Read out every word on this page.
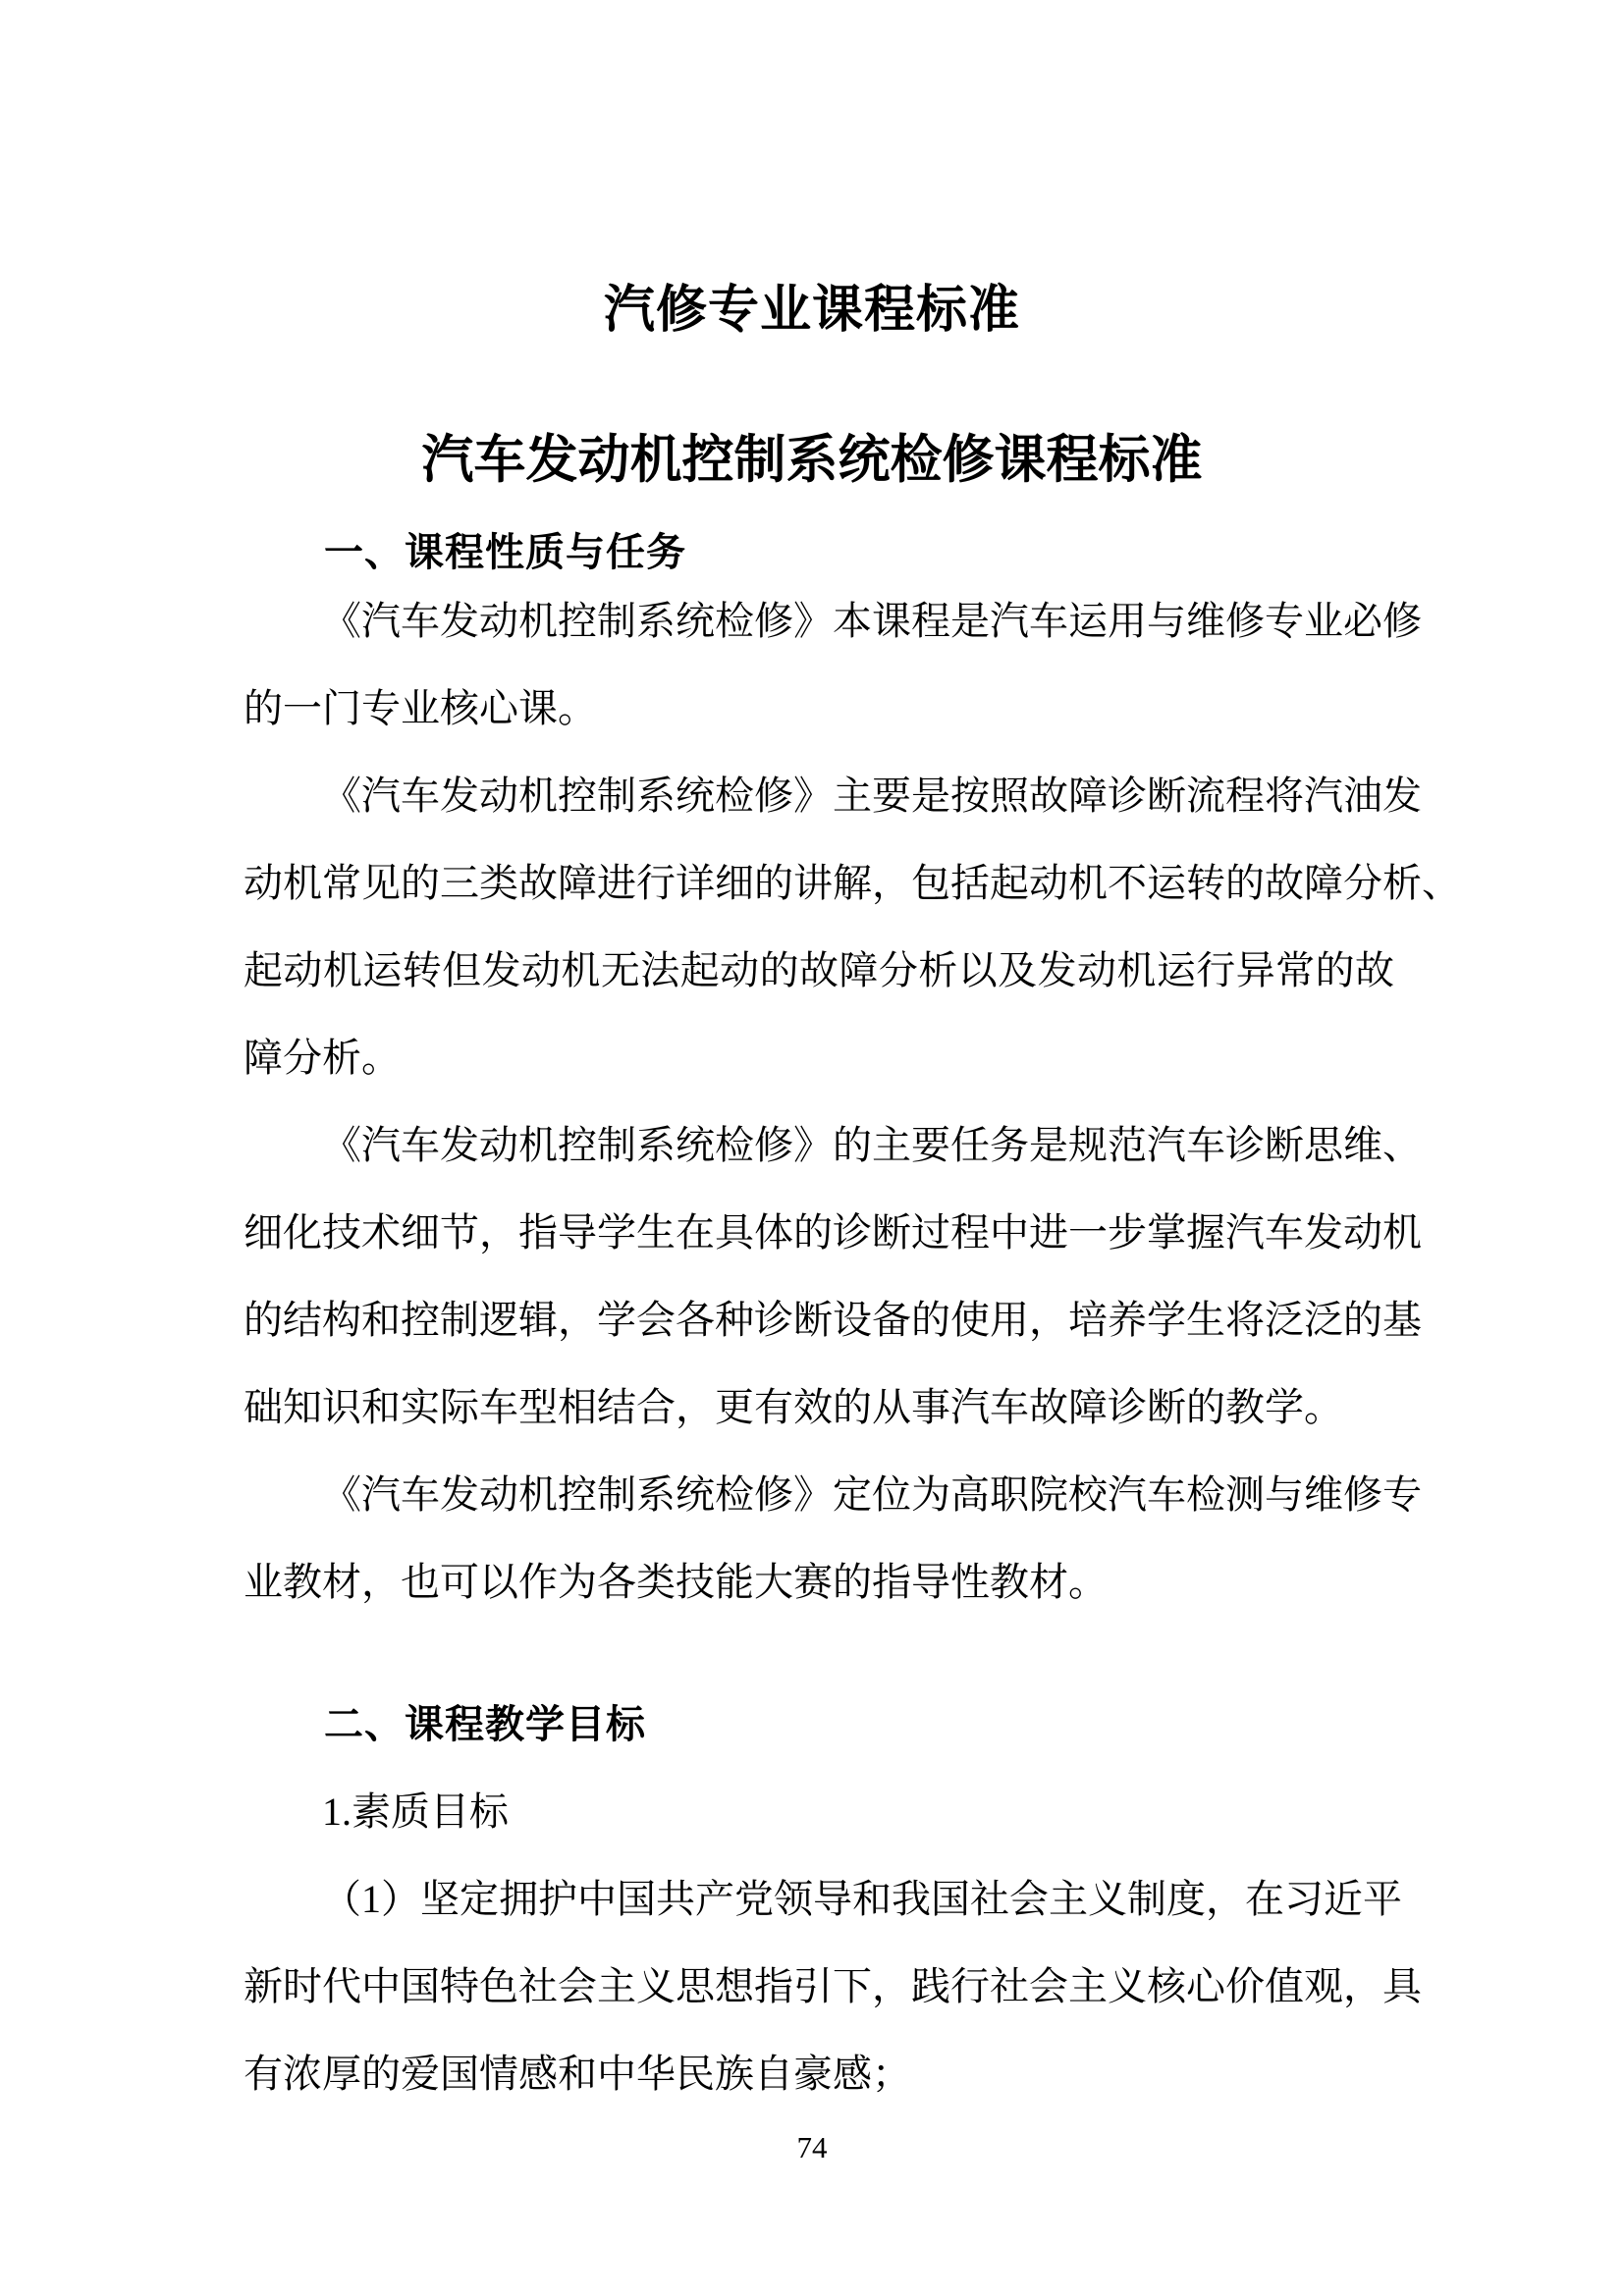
汽修专业课程标准
汽车发动机控制系统检修课程标准
一、课程性质与任务
《汽车发动机控制系统检修》本课程是汽车运用与维修专业必修
的一门专业核心课。
《汽车发动机控制系统检修》主要是按照故障诊断流程将汽油发
动机常见的三类故障进行详细的讲解，包括起动机不运转的故障分析、
起动机运转但发动机无法起动的故障分析以及发动机运行异常的故
障分析。
《汽车发动机控制系统检修》的主要任务是规范汽车诊断思维、
细化技术细节，指导学生在具体的诊断过程中进一步掌握汽车发动机
的结构和控制逻辑，学会各种诊断设备的使用，培养学生将泛泛的基
础知识和实际车型相结合，更有效的从事汽车故障诊断的教学。
《汽车发动机控制系统检修》定位为高职院校汽车检测与维修专
业教材，也可以作为各类技能大赛的指导性教材。
二、课程教学目标
1.素质目标
（1）坚定拥护中国共产党领导和我国社会主义制度，在习近平
新时代中国特色社会主义思想指引下，践行社会主义核心价值观，具
有浓厚的爱国情感和中华民族自豪感；
74
